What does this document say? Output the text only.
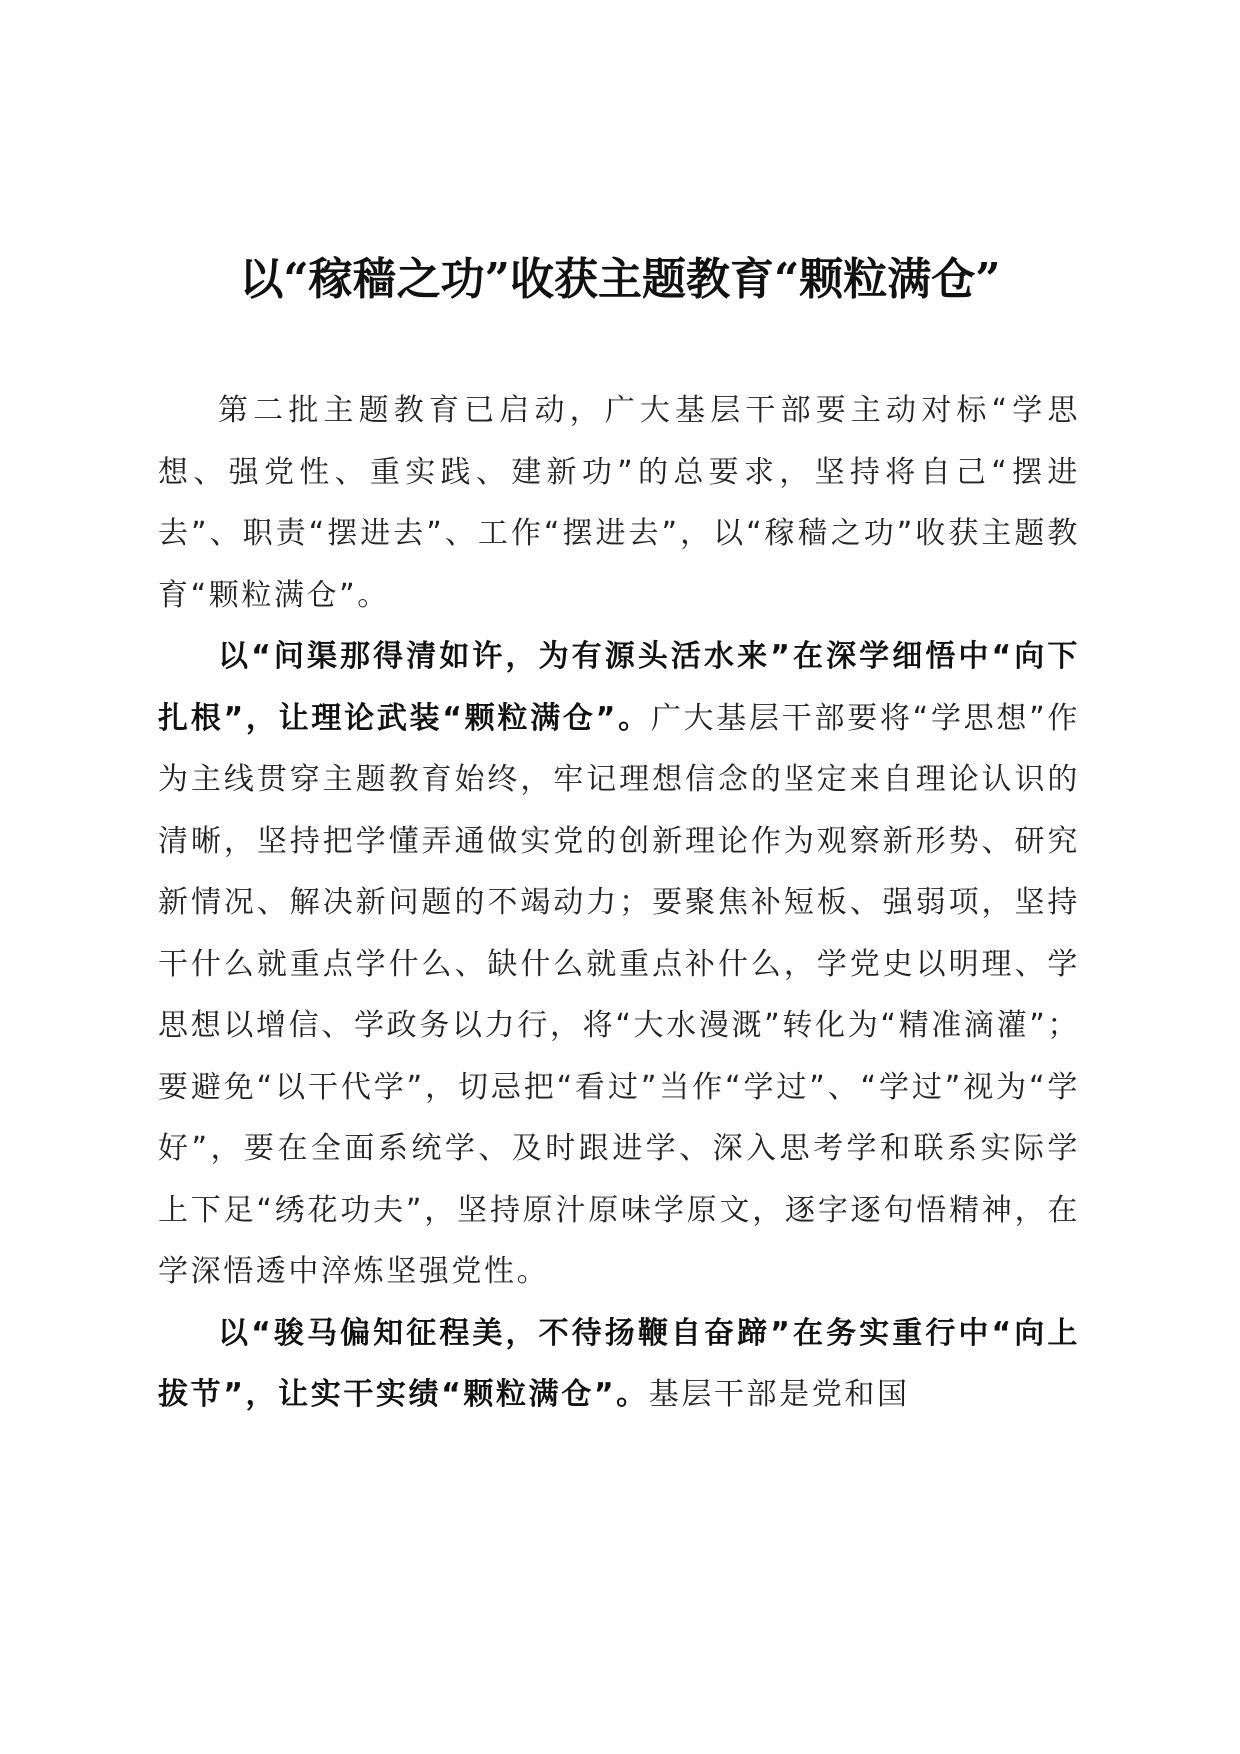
以“稼穑之功”收获主题教育“颗粒满仓”

第二批主题教育已启动，广大基层干部要主动对标“学思想、强党性、重实践、建新功”的总要求，坚持将自己“摆进去”、职责“摆进去”、工作“摆进去”，以“稼穑之功”收获主题教育“颗粒满仓”。

以“问渠那得清如许，为有源头活水来”在深学细悟中“向下扎根”，让理论武装“颗粒满仓”。广大基层干部要将“学思想”作为主线贯穿主题教育始终，牢记理想信念的坚定来自理论认识的清晰，坚持把学懂弄通做实党的创新理论作为观察新形势、研究新情况、解决新问题的不竭动力；要聚焦补短板、强弱项，坚持干什么就重点学什么、缺什么就重点补什么，学党史以明理、学思想以增信、学政务以力行，将“大水漫溉”转化为“精准滴灌”；要避免“以干代学”，切忌把“看过”当作“学过”、“学过”视为“学好”，要在全面系统学、及时跟进学、深入思考学和联系实际学上下足“绣花功夫”，坚持原汁原味学原文，逐字逐句悟精神，在学深悟透中淬炼坚强党性。

以“骏马偏知征程美，不待扬鞭自奋蹄”在务实重行中“向上拔节”，让实干实绩“颗粒满仓”。基层干部是党和国
